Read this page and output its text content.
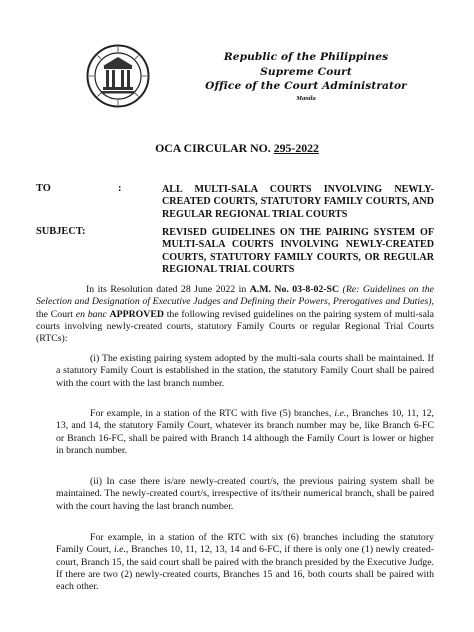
Republic of the Philippines
Supreme Court
Office of the Court Administrator
Manila
OCA CIRCULAR NO. 295-2022
TO	:	ALL MULTI-SALA COURTS INVOLVING NEWLY-CREATED COURTS, STATUTORY FAMILY COURTS, AND REGULAR REGIONAL TRIAL COURTS
SUBJECT:	REVISED GUIDELINES ON THE PAIRING SYSTEM OF MULTI-SALA COURTS INVOLVING NEWLY-CREATED COURTS, STATUTORY FAMILY COURTS, OR REGULAR REGIONAL TRIAL COURTS

In its Resolution dated 28 June 2022 in A.M. No. 03-8-02-SC (Re: Guidelines on the Selection and Designation of Executive Judges and Defining their Powers, Prerogatives and Duties), the Court en banc APPROVED the following revised guidelines on the pairing system of multi-sala courts involving newly-created courts, statutory Family Courts or regular Regional Trial Courts (RTCs):

(i) The existing pairing system adopted by the multi-sala courts shall be maintained. If a statutory Family Court is established in the station, the statutory Family Court shall be paired with the court with the last branch number.

For example, in a station of the RTC with five (5) branches, i.e., Branches 10, 11, 12, 13, and 14, the statutory Family Court, whatever its branch number may be, like Branch 6-FC or Branch 16-FC, shall be paired with Branch 14 although the Family Court is lower or higher in branch number.

(ii) In case there is/are newly-created court/s, the previous pairing system shall be maintained. The newly-created court/s, irrespective of its/their numerical branch, shall be paired with the court having the last branch number.

For example, in a station of the RTC with six (6) branches including the statutory Family Court, i.e., Branches 10, 11, 12, 13, 14 and 6-FC, if there is only one (1) newly created-court, Branch 15, the said court shall be paired with the branch presided by the Executive Judge. If there are two (2) newly-created courts, Branches 15 and 16, both courts shall be paired with each other.
